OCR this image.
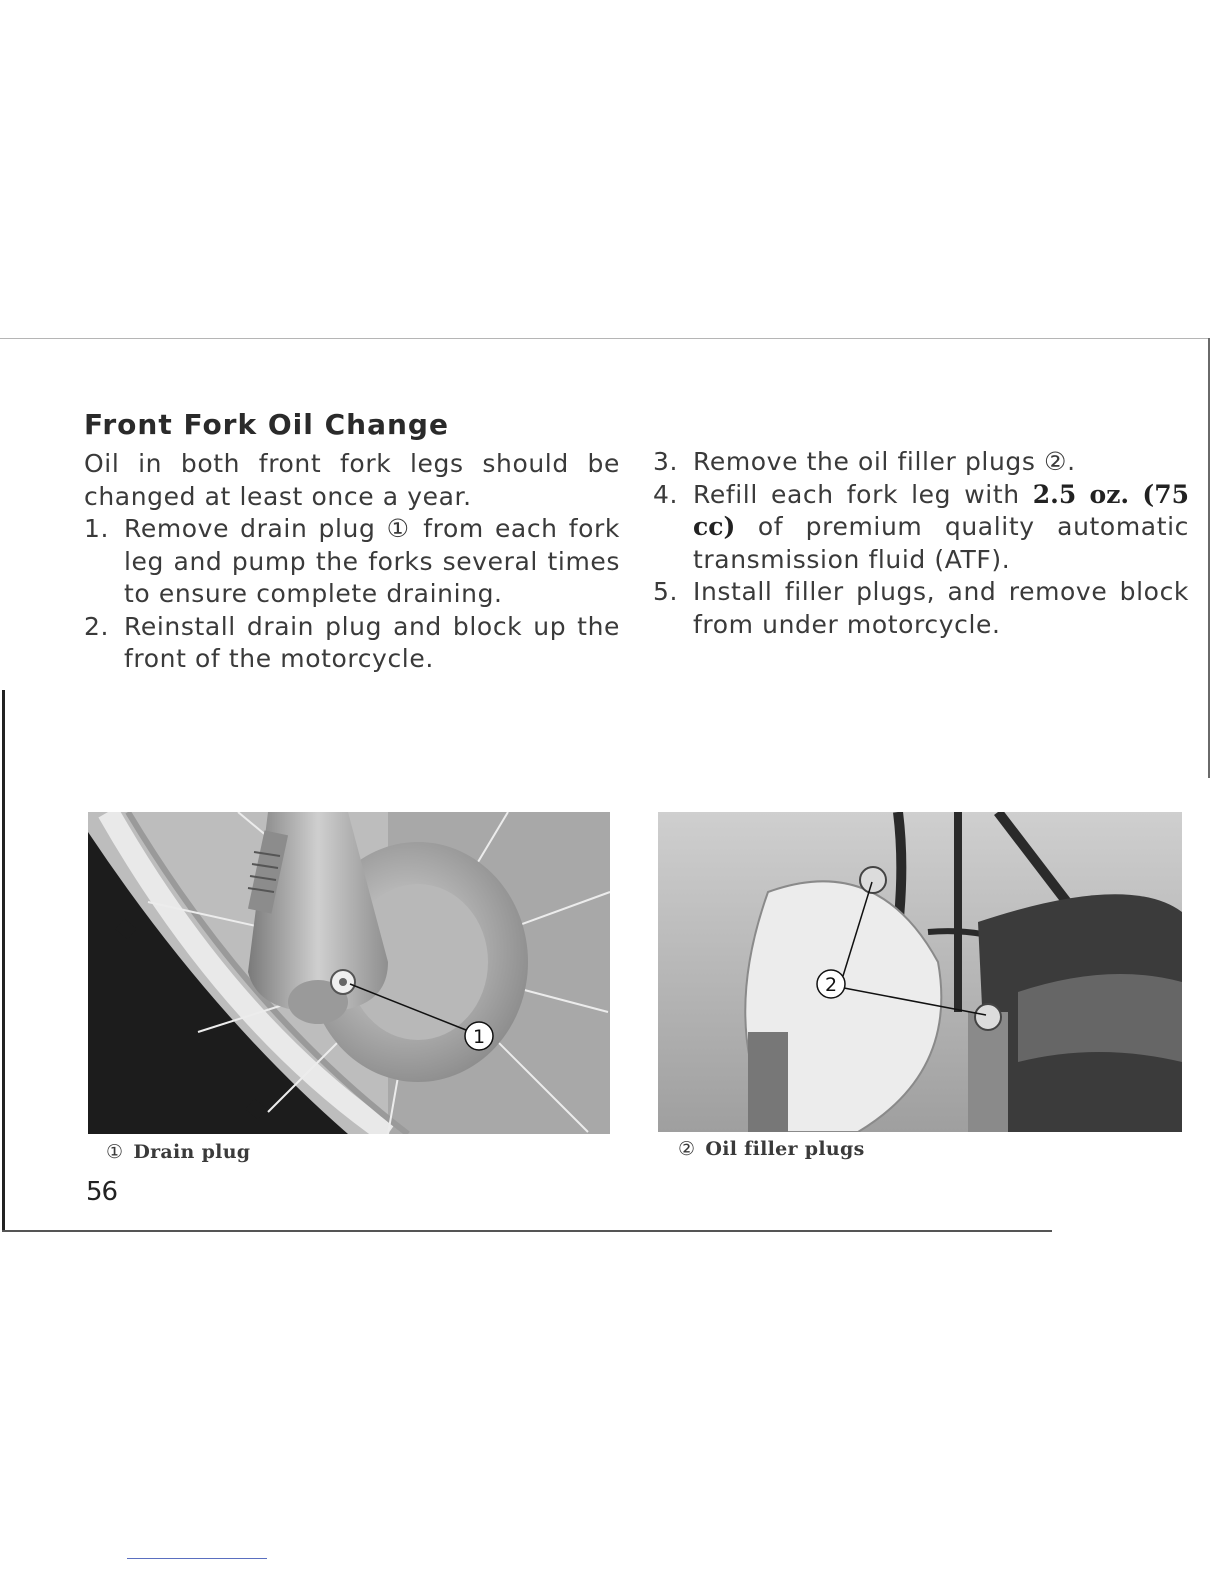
Front Fork Oil Change
Oil in both front fork legs should be
changed at least once a year.
1. Remove drain plug ① from each fork leg and pump the forks several times to ensure complete draining.
2. Reinstall drain plug and block up the front of the motorcycle.
3. Remove the oil filler plugs ②.
4. Refill each fork leg with 2.5 oz. (75 cc) of premium quality automatic transmission fluid (ATF).
5. Install filler plugs, and remove block from under motorcycle.
1
2
① Drain plug	② Oil filler plugs
56
